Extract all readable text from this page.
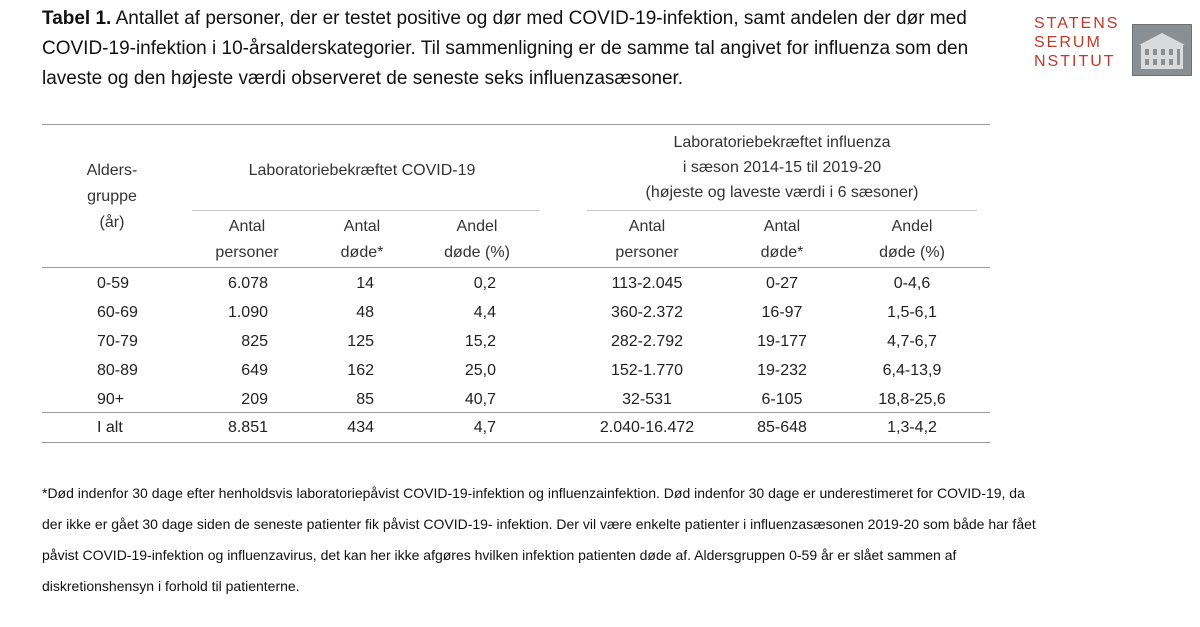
Tabel 1. Antallet af personer, der er testet positive og dør med COVID-19-infektion, samt andelen der dør med COVID-19-infektion i 10-årsalderskategorier. Til sammenligning er de samme tal angivet for influenza som den laveste og den højeste værdi observeret de seneste seks influenzasæsoner.
STATENS
SERUM
NSTITUT
Alders-
gruppe
(år)
Laboratoriebekræftet COVID-19
Laboratoriebekræftet influenza
i sæson 2014-15 til 2019-20
(højeste og laveste værdi i 6 sæsoner)
Antal
personer
Antal
døde*
Andel
døde (%)
Antal
personer
Antal
døde*
Andel
døde (%)
0-59	6.078	14	0,2	113-2.045	0-27	0-4,6
60-69	1.090	48	4,4	360-2.372	16-97	1,5-6,1
70-79	825	125	15,2	282-2.792	19-177	4,7-6,7
80-89	649	162	25,0	152-1.770	19-232	6,4-13,9
90+	209	85	40,7	32-531	6-105	18,8-25,6
I alt	8.851	434	4,7	2.040-16.472	85-648	1,3-4,2
*Død indenfor 30 dage efter henholdsvis laboratoriepåvist COVID-19-infektion og influenzainfektion. Død indenfor 30 dage er underestimeret for COVID-19, da der ikke er gået 30 dage siden de seneste patienter fik påvist COVID-19- infektion. Der vil være enkelte patienter i influenzasæsonen 2019-20 som både har fået påvist COVID-19-infektion og influenzavirus, det kan her ikke afgøres hvilken infektion patienten døde af. Aldersgruppen 0-59 år er slået sammen af diskretionshensyn i forhold til patienterne.
